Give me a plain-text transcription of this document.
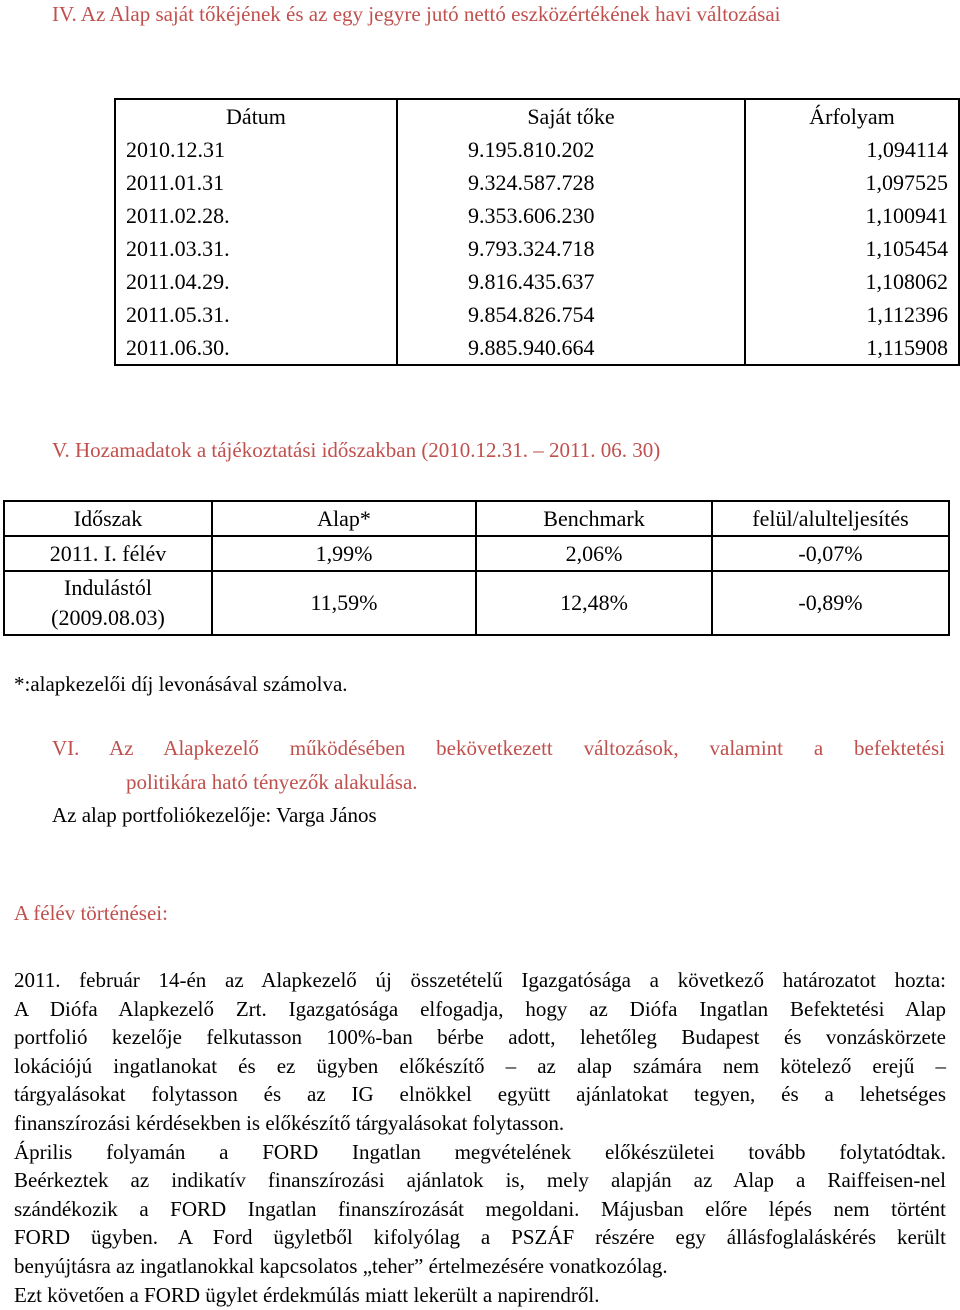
IV. Az Alap saját tőkéjének és az egy jegyre jutó nettó eszközértékének havi változásai
Dátum	Saját tőke	Árfolyam
2010.12.31	9.195.810.202	1,094114
2011.01.31	9.324.587.728	1,097525
2011.02.28.	9.353.606.230	1,100941
2011.03.31.	9.793.324.718	1,105454
2011.04.29.	9.816.435.637	1,108062
2011.05.31.	9.854.826.754	1,112396
2011.06.30.	9.885.940.664	1,115908
V. Hozamadatok a tájékoztatási időszakban (2010.12.31. – 2011. 06. 30)
Időszak	Alap*	Benchmark	felül/alulteljesítés
2011. I. félév	1,99%	2,06%	-0,07%

Indulástól
(2009.08.03)	11,59%	12,48%	-0,89%
*:alapkezelői díj levonásával számolva.
VI. Az Alapkezelő működésében bekövetkezett változások, valamint a befektetési
politikára ható tényezők alakulása.
Az alap portfoliókezelője: Varga János
A félév történései:

2011. február 14-én az Alapkezelő új összetételű Igazgatósága a következő határozatot hozta:

A Diófa Alapkezelő Zrt. Igazgatósága elfogadja, hogy az Diófa Ingatlan Befektetési Alap

portfolió kezelője felkutasson 100%-ban bérbe adott, lehetőleg Budapest és vonzáskörzete

lokációjú ingatlanokat és ez ügyben előkészítő – az alap számára nem kötelező erejű –

tárgyalásokat folytasson és az IG elnökkel együtt ajánlatokat tegyen, és a lehetséges

finanszírozási kérdésekben is előkészítő tárgyalásokat folytasson.

Április folyamán a FORD Ingatlan megvételének előkészületei tovább folytatódtak.

Beérkeztek az indikatív finanszírozási ajánlatok is, mely alapján az Alap a Raiffeisen-nel

szándékozik a FORD Ingatlan finanszírozását megoldani. Májusban előre lépés nem történt

FORD ügyben. A Ford ügyletből kifolyólag a PSZÁF részére egy állásfoglaláskérés került

benyújtásra az ingatlanokkal kapcsolatos „teher” értelmezésére vonatkozólag.

Ezt követően a FORD ügylet érdekmúlás miatt lekerült a napirendről.
